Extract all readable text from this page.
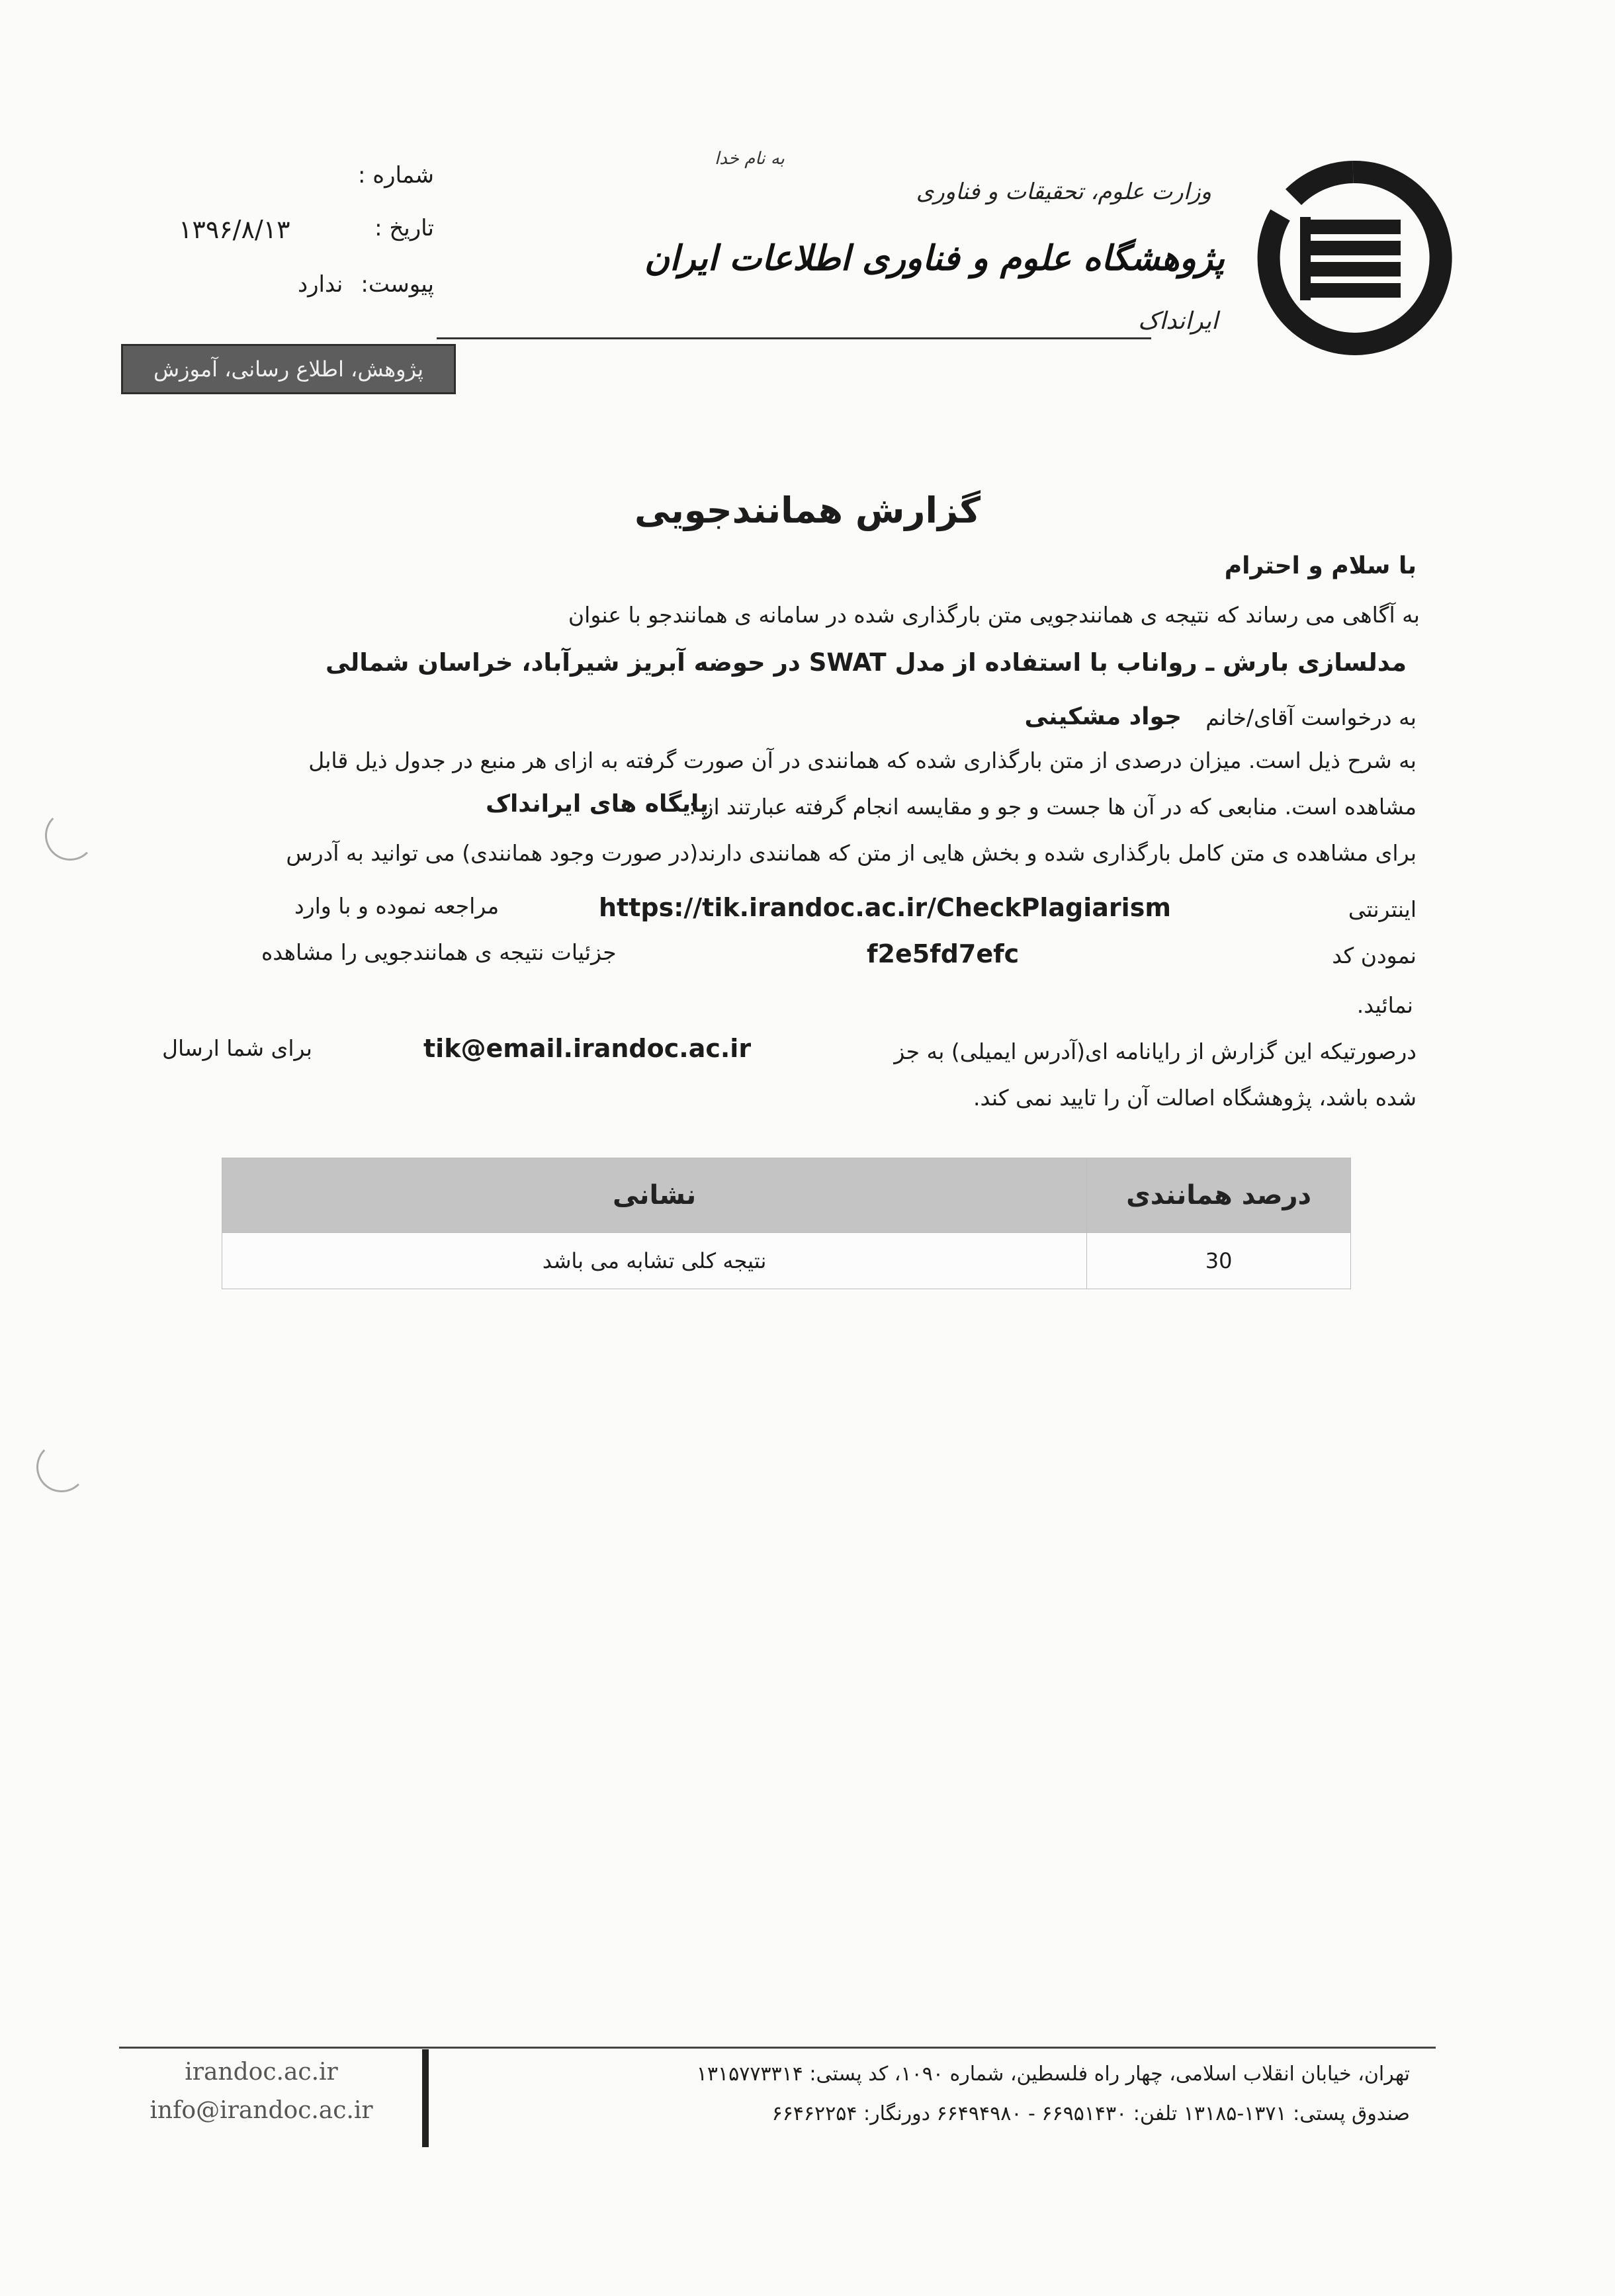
به نام خدا
وزارت علوم، تحقیقات و فناوری
پژوهشگاه علوم و فناوری اطلاعات ایران
ایرانداک
شماره :
تاریخ :
۱۳۹۶/۸/۱۳
پیوست:
ندارد
پژوهش، اطلاع رسانی، آموزش
گزارش همانندجویی
با سلام و احترام
به آگاهی می رساند که نتیجه ی همانندجویی متن بارگذاری شده در سامانه ی همانندجو با عنوان
مدلسازی بارش ـ رواناب با استفاده از مدل SWAT در حوضه آبریز شیرآباد، خراسان شمالی
به درخواست آقای/خانم
جواد مشکینی
به شرح ذیل است. میزان درصدی از متن بارگذاری شده که همانندی در آن صورت گرفته به ازای هر منبع در جدول ذیل قابل
مشاهده است. منابعی که در آن ها جست و جو و مقایسه انجام گرفته عبارتند از :
پایگاه های ایرانداک
برای مشاهده ی متن کامل بارگذاری شده و بخش هایی از متن که همانندی دارند(در صورت وجود همانندی) می توانید به آدرس
اینترنتی
https://tik.irandoc.ac.ir/CheckPlagiarism
مراجعه نموده و با وارد
نمودن کد
f2e5fd7efc
جزئیات نتیجه ی همانندجویی را مشاهده
نمائید.
درصورتیکه این گزارش از رایانامه ای(آدرس ایمیلی) به جز
tik@email.irandoc.ac.ir
برای شما ارسال
شده باشد، پژوهشگاه اصالت آن را تایید نمی کند.
نشانی	درصد همانندی
نتیجه کلی تشابه می باشد	30
irandoc.ac.ir
info@irandoc.ac.ir
تهران، خیابان انقلاب اسلامی، چهار راه فلسطین، شماره ۱۰۹۰، کد پستی: ۱۳۱۵۷۷۳۳۱۴
صندوق پستی: ۱۳۷۱-۱۳۱۸۵ تلفن: ۶۶۹۵۱۴۳۰ - ۶۶۴۹۴۹۸۰ دورنگار: ۶۶۴۶۲۲۵۴
